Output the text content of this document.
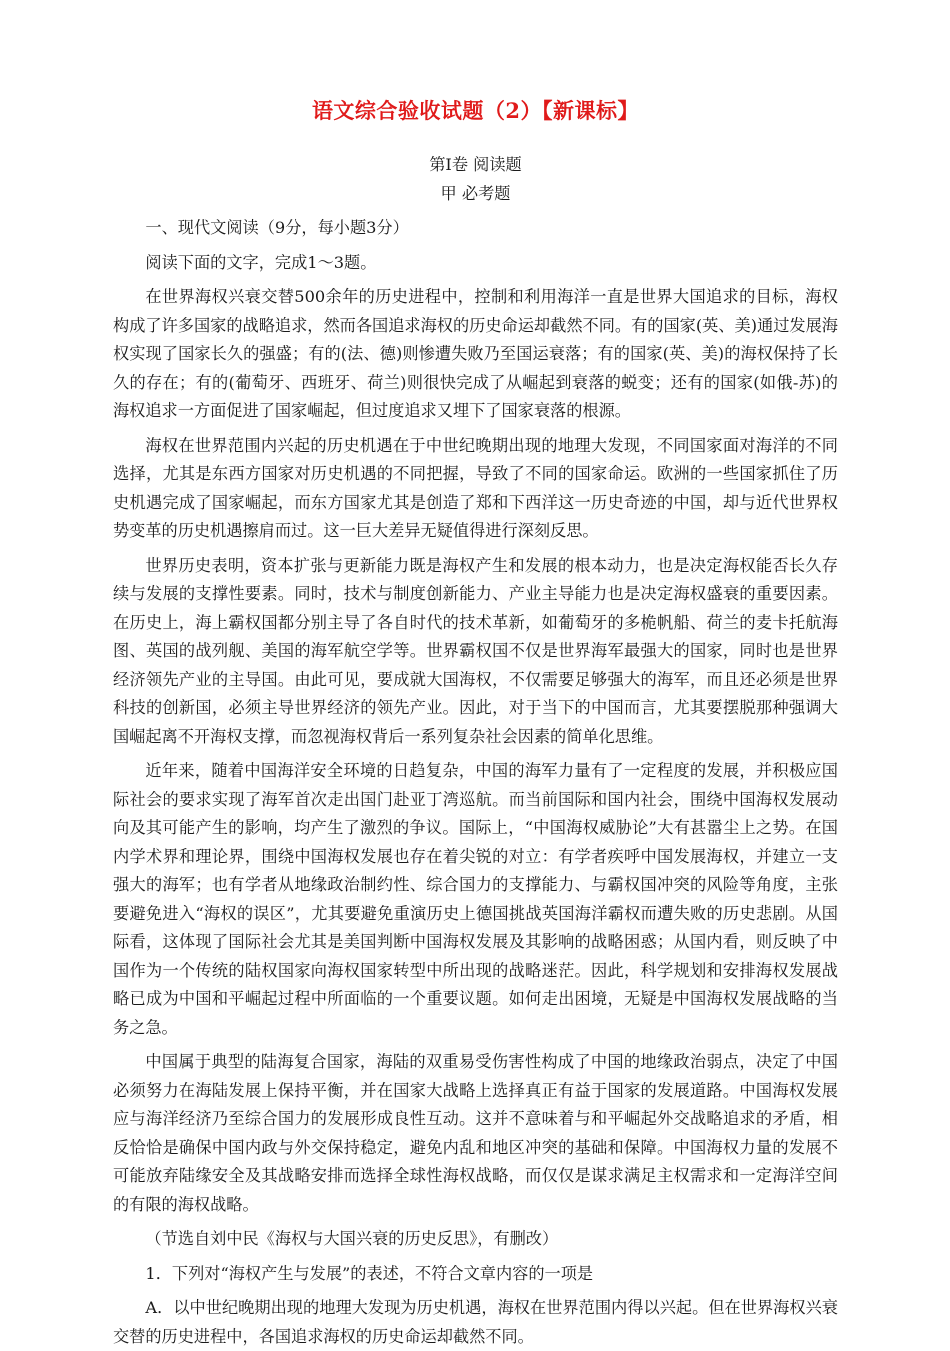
语文综合验收试题（2）【新课标】

第Ⅰ卷 阅读题

甲 必考题

一、现代文阅读（9分，每小题3分）

阅读下面的文字，完成1～3题。

在世界海权兴衰交替500余年的历史进程中，控制和利用海洋一直是世界大国追求的目标，海权构成了许多国家的战略追求，然而各国追求海权的历史命运却截然不同。有的国家(英、美)通过发展海权实现了国家长久的强盛；有的(法、德)则惨遭失败乃至国运衰落；有的国家(英、美)的海权保持了长久的存在；有的(葡萄牙、西班牙、荷兰)则很快完成了从崛起到衰落的蜕变；还有的国家(如俄-苏)的海权追求一方面促进了国家崛起，但过度追求又埋下了国家衰落的根源。

海权在世界范围内兴起的历史机遇在于中世纪晚期出现的地理大发现，不同国家面对海洋的不同选择，尤其是东西方国家对历史机遇的不同把握，导致了不同的国家命运。欧洲的一些国家抓住了历史机遇完成了国家崛起，而东方国家尤其是创造了郑和下西洋这一历史奇迹的中国，却与近代世界权势变革的历史机遇擦肩而过。这一巨大差异无疑值得进行深刻反思。

世界历史表明，资本扩张与更新能力既是海权产生和发展的根本动力，也是决定海权能否长久存续与发展的支撑性要素。同时，技术与制度创新能力、产业主导能力也是决定海权盛衰的重要因素。在历史上，海上霸权国都分别主导了各自时代的技术革新，如葡萄牙的多桅帆船、荷兰的麦卡托航海图、英国的战列舰、美国的海军航空学等。世界霸权国不仅是世界海军最强大的国家，同时也是世界经济领先产业的主导国。由此可见，要成就大国海权，不仅需要足够强大的海军，而且还必须是世界科技的创新国，必须主导世界经济的领先产业。因此，对于当下的中国而言，尤其要摆脱那种强调大国崛起离不开海权支撑，而忽视海权背后一系列复杂社会因素的简单化思维。

近年来，随着中国海洋安全环境的日趋复杂，中国的海军力量有了一定程度的发展，并积极应国际社会的要求实现了海军首次走出国门赴亚丁湾巡航。而当前国际和国内社会，围绕中国海权发展动向及其可能产生的影响，均产生了激烈的争议。国际上，“中国海权威胁论”大有甚嚣尘上之势。在国内学术界和理论界，围绕中国海权发展也存在着尖锐的对立：有学者疾呼中国发展海权，并建立一支强大的海军；也有学者从地缘政治制约性、综合国力的支撑能力、与霸权国冲突的风险等角度，主张要避免进入“海权的误区”，尤其要避免重演历史上德国挑战英国海洋霸权而遭失败的历史悲剧。从国际看，这体现了国际社会尤其是美国判断中国海权发展及其影响的战略困惑；从国内看，则反映了中国作为一个传统的陆权国家向海权国家转型中所出现的战略迷茫。因此，科学规划和安排海权发展战略已成为中国和平崛起过程中所面临的一个重要议题。如何走出困境，无疑是中国海权发展战略的当务之急。

中国属于典型的陆海复合国家，海陆的双重易受伤害性构成了中国的地缘政治弱点，决定了中国必须努力在海陆发展上保持平衡，并在国家大战略上选择真正有益于国家的发展道路。中国海权发展应与海洋经济乃至综合国力的发展形成良性互动。这并不意味着与和平崛起外交战略追求的矛盾，相反恰恰是确保中国内政与外交保持稳定，避免内乱和地区冲突的基础和保障。中国海权力量的发展不可能放弃陆缘安全及其战略安排而选择全球性海权战略，而仅仅是谋求满足主权需求和一定海洋空间的有限的海权战略。

（节选自刘中民《海权与大国兴衰的历史反思》，有删改）

1．下列对“海权产生与发展”的表述，不符合文章内容的一项是

A．以中世纪晚期出现的地理大发现为历史机遇，海权在世界范围内得以兴起。但在世界海权兴衰交替的历史进程中，各国追求海权的历史命运却截然不同。
